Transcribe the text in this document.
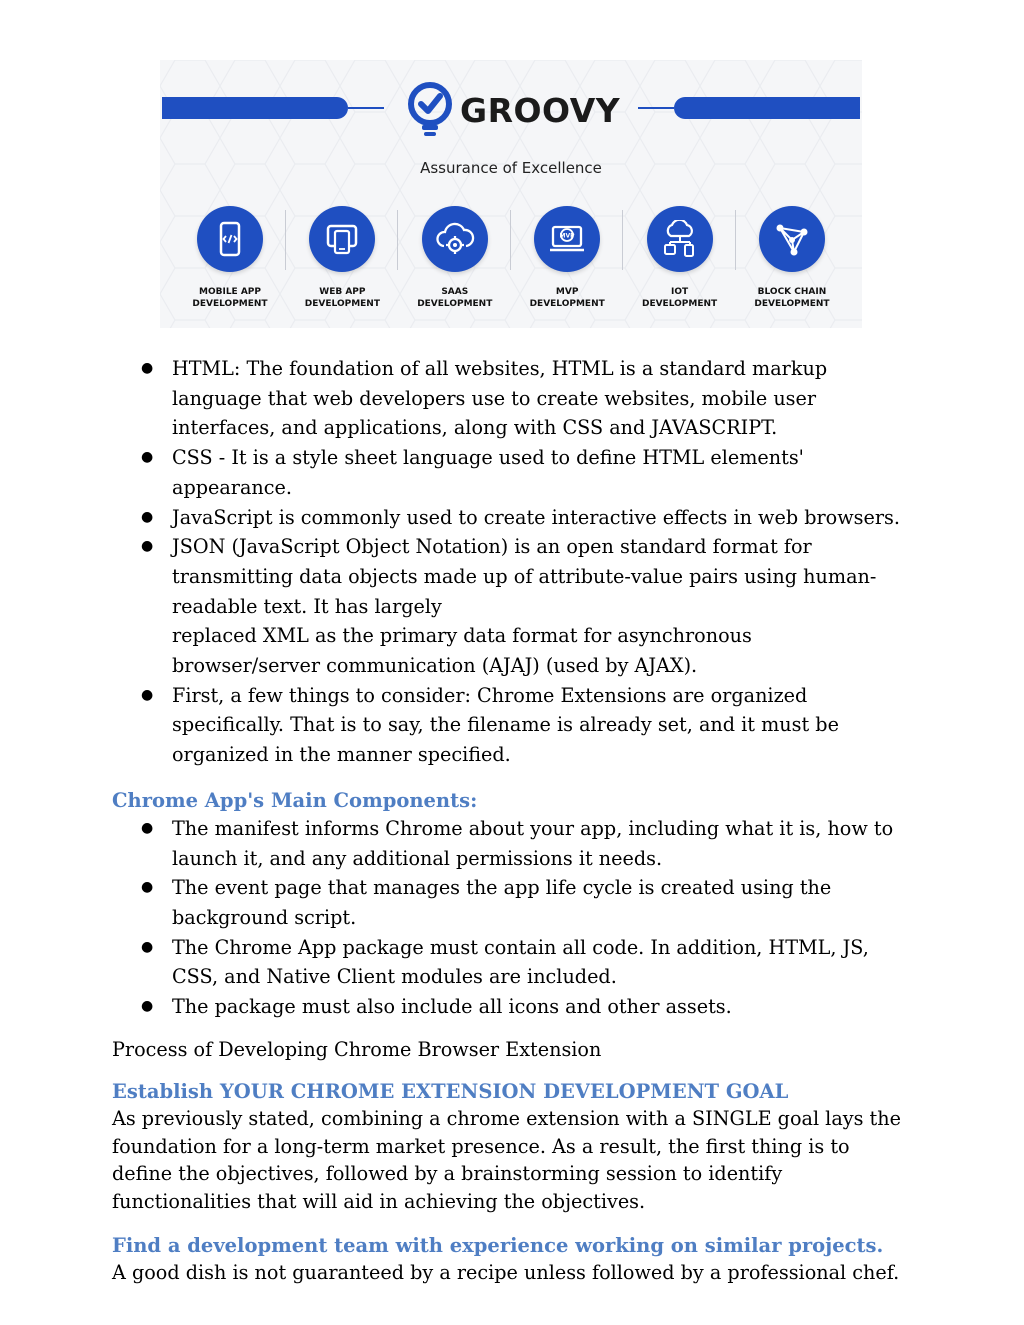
GROOVY
Assurance of Excellence
MOBILE APP
DEVELOPMENT
WEB APP
DEVELOPMENT
SAAS
DEVELOPMENT
MVP
MVP
DEVELOPMENT
IOT
DEVELOPMENT
BLOCK CHAIN
DEVELOPMENT
● HTML: The foundation of all websites, HTML is a standard markup
language that web developers use to create websites, mobile user
interfaces, and applications, along with CSS and JAVASCRIPT.
● CSS - It is a style sheet language used to define HTML elements'
appearance.
● JavaScript is commonly used to create interactive effects in web browsers.
● JSON (JavaScript Object Notation) is an open standard format for
transmitting data objects made up of attribute-value pairs using human-
readable text. It has largely
replaced XML as the primary data format for asynchronous
browser/server communication (AJAJ) (used by AJAX).
● First, a few things to consider: Chrome Extensions are organized
specifically. That is to say, the filename is already set, and it must be
organized in the manner specified.
Chrome App's Main Components:
● The manifest informs Chrome about your app, including what it is, how to
launch it, and any additional permissions it needs.
● The event page that manages the app life cycle is created using the
background script.
● The Chrome App package must contain all code. In addition, HTML, JS,
CSS, and Native Client modules are included.
● The package must also include all icons and other assets.
Process of Developing Chrome Browser Extension
Establish YOUR CHROME EXTENSION DEVELOPMENT GOAL
As previously stated, combining a chrome extension with a SINGLE goal lays the
foundation for a long-term market presence. As a result, the first thing is to
define the objectives, followed by a brainstorming session to identify
functionalities that will aid in achieving the objectives.
Find a development team with experience working on similar projects.
A good dish is not guaranteed by a recipe unless followed by a professional chef.
